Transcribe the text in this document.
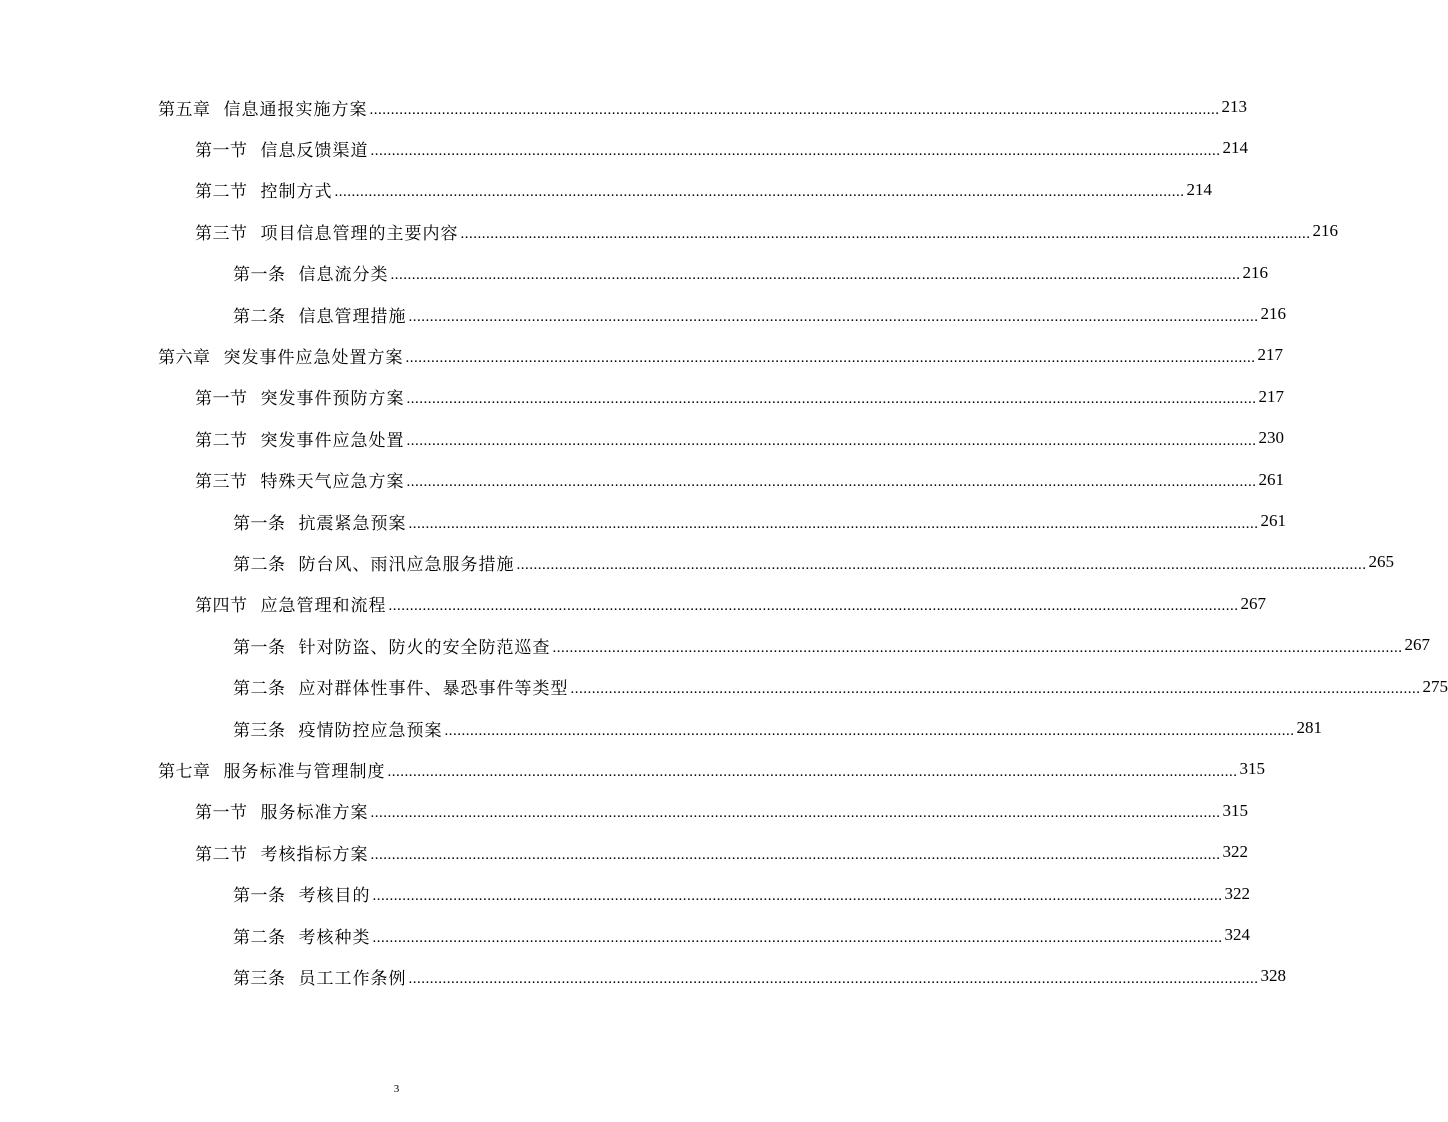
第五章 信息通报实施方案 ........................................................................................................................................................................................................ 213
第一节 信息反馈渠道 ........................................................................................................................................................................................................ 214
第二节 控制方式 ........................................................................................................................................................................................................ 214
第三节 项目信息管理的主要内容 ........................................................................................................................................................................................................ 216
第一条 信息流分类 ........................................................................................................................................................................................................ 216
第二条 信息管理措施 ........................................................................................................................................................................................................ 216
第六章 突发事件应急处置方案 ........................................................................................................................................................................................................ 217
第一节 突发事件预防方案 ........................................................................................................................................................................................................ 217
第二节 突发事件应急处置 ........................................................................................................................................................................................................ 230
第三节 特殊天气应急方案 ........................................................................................................................................................................................................ 261
第一条 抗震紧急预案 ........................................................................................................................................................................................................ 261
第二条 防台风、雨汛应急服务措施 ........................................................................................................................................................................................................ 265
第四节 应急管理和流程 ........................................................................................................................................................................................................ 267
第一条 针对防盗、防火的安全防范巡查 ........................................................................................................................................................................................................ 267
第二条 应对群体性事件、暴恐事件等类型 ........................................................................................................................................................................................................ 275
第三条 疫情防控应急预案 ........................................................................................................................................................................................................ 281
第七章 服务标准与管理制度 ........................................................................................................................................................................................................ 315
第一节 服务标准方案 ........................................................................................................................................................................................................ 315
第二节 考核指标方案 ........................................................................................................................................................................................................ 322
第一条 考核目的 ........................................................................................................................................................................................................ 322
第二条 考核种类 ........................................................................................................................................................................................................ 324
第三条 员工工作条例 ........................................................................................................................................................................................................ 328
3
